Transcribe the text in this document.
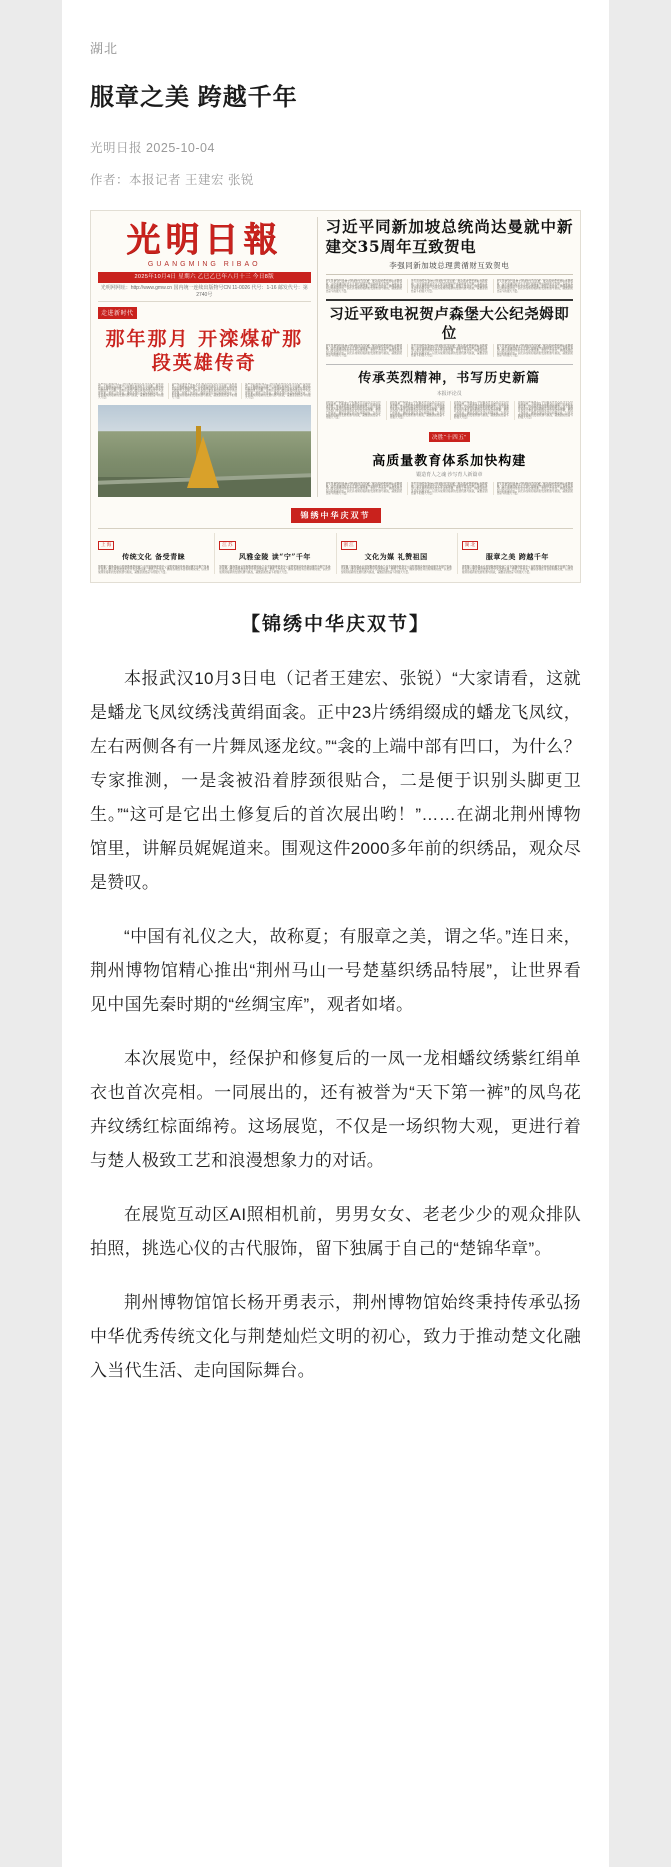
湖北
服章之美 跨越千年
光明日报 2025-10-04
作者：本报记者 王建宏 张锐
光明日報
GUANGMING RIBAO
2025年10月4日 星期六 乙巳乙巳年八月十三 今日8版
光明网网址：http://www.gmw.cn 国内统一连续出版物号CN 11-0026 代号：1-16 邮发代号：第2740号
走进新时代
那年那月 开滦煤矿那段英雄传奇
在新时代新征程上，我们要坚持以人民为中心的发展思想，不断满足人民群众日益增长的美好生活需要，推动高质量发展取得新成效，为全面建设社会主义现代化国家作出新的更大贡献。各地区各部门要认真贯彻落实党中央决策部署，狠抓工作落实，确保各项任务目标如期完成，以优异成绩迎接新的发展机遇与挑战，凝聚起团结奋斗的强大力量。
在新时代新征程上，我们要坚持以人民为中心的发展思想，不断满足人民群众日益增长的美好生活需要，推动高质量发展取得新成效，为全面建设社会主义现代化国家作出新的更大贡献。各地区各部门要认真贯彻落实党中央决策部署，狠抓工作落实，确保各项任务目标如期完成，以优异成绩迎接新的发展机遇与挑战，凝聚起团结奋斗的强大力量。
在新时代新征程上，我们要坚持以人民为中心的发展思想，不断满足人民群众日益增长的美好生活需要，推动高质量发展取得新成效，为全面建设社会主义现代化国家作出新的更大贡献。各地区各部门要认真贯彻落实党中央决策部署，狠抓工作落实，确保各项任务目标如期完成，以优异成绩迎接新的发展机遇与挑战，凝聚起团结奋斗的强大力量。
习近平同新加坡总统尚达曼就中新建交35周年互致贺电
李强同新加坡总理黄循财互致贺电
在新时代新征程上，我们要坚持以人民为中心的发展思想，不断满足人民群众日益增长的美好生活需要，推动高质量发展取得新成效，为全面建设社会主义现代化国家作出新的更大贡献。各地区各部门要认真贯彻落实党中央决策部署，狠抓工作落实，确保各项任务目标如期完成，以优异成绩迎接新的发展机遇与挑战，凝聚起团结奋斗的强大力量。
在新时代新征程上，我们要坚持以人民为中心的发展思想，不断满足人民群众日益增长的美好生活需要，推动高质量发展取得新成效，为全面建设社会主义现代化国家作出新的更大贡献。各地区各部门要认真贯彻落实党中央决策部署，狠抓工作落实，确保各项任务目标如期完成，以优异成绩迎接新的发展机遇与挑战，凝聚起团结奋斗的强大力量。
在新时代新征程上，我们要坚持以人民为中心的发展思想，不断满足人民群众日益增长的美好生活需要，推动高质量发展取得新成效，为全面建设社会主义现代化国家作出新的更大贡献。各地区各部门要认真贯彻落实党中央决策部署，狠抓工作落实，确保各项任务目标如期完成，以优异成绩迎接新的发展机遇与挑战，凝聚起团结奋斗的强大力量。
习近平致电祝贺卢森堡大公纪尧姆即位
在新时代新征程上，我们要坚持以人民为中心的发展思想，不断满足人民群众日益增长的美好生活需要，推动高质量发展取得新成效，为全面建设社会主义现代化国家作出新的更大贡献。各地区各部门要认真贯彻落实党中央决策部署，狠抓工作落实，确保各项任务目标如期完成，以优异成绩迎接新的发展机遇与挑战，凝聚起团结奋斗的强大力量。
在新时代新征程上，我们要坚持以人民为中心的发展思想，不断满足人民群众日益增长的美好生活需要，推动高质量发展取得新成效，为全面建设社会主义现代化国家作出新的更大贡献。各地区各部门要认真贯彻落实党中央决策部署，狠抓工作落实，确保各项任务目标如期完成，以优异成绩迎接新的发展机遇与挑战，凝聚起团结奋斗的强大力量。
在新时代新征程上，我们要坚持以人民为中心的发展思想，不断满足人民群众日益增长的美好生活需要，推动高质量发展取得新成效，为全面建设社会主义现代化国家作出新的更大贡献。各地区各部门要认真贯彻落实党中央决策部署，狠抓工作落实，确保各项任务目标如期完成，以优异成绩迎接新的发展机遇与挑战，凝聚起团结奋斗的强大力量。
传承英烈精神，书写历史新篇
本报评论员
在新时代新征程上，我们要坚持以人民为中心的发展思想，不断满足人民群众日益增长的美好生活需要，推动高质量发展取得新成效，为全面建设社会主义现代化国家作出新的更大贡献。各地区各部门要认真贯彻落实党中央决策部署，狠抓工作落实，确保各项任务目标如期完成，以优异成绩迎接新的发展机遇与挑战，凝聚起团结奋斗的强大力量。
在新时代新征程上，我们要坚持以人民为中心的发展思想，不断满足人民群众日益增长的美好生活需要，推动高质量发展取得新成效，为全面建设社会主义现代化国家作出新的更大贡献。各地区各部门要认真贯彻落实党中央决策部署，狠抓工作落实，确保各项任务目标如期完成，以优异成绩迎接新的发展机遇与挑战，凝聚起团结奋斗的强大力量。
在新时代新征程上，我们要坚持以人民为中心的发展思想，不断满足人民群众日益增长的美好生活需要，推动高质量发展取得新成效，为全面建设社会主义现代化国家作出新的更大贡献。各地区各部门要认真贯彻落实党中央决策部署，狠抓工作落实，确保各项任务目标如期完成，以优异成绩迎接新的发展机遇与挑战，凝聚起团结奋斗的强大力量。
在新时代新征程上，我们要坚持以人民为中心的发展思想，不断满足人民群众日益增长的美好生活需要，推动高质量发展取得新成效，为全面建设社会主义现代化国家作出新的更大贡献。各地区各部门要认真贯彻落实党中央决策部署，狠抓工作落实，确保各项任务目标如期完成，以优异成绩迎接新的发展机遇与挑战，凝聚起团结奋斗的强大力量。
决胜“十四五”
高质量教育体系加快构建
锻造育人之魂 沙写育人新篇章
在新时代新征程上，我们要坚持以人民为中心的发展思想，不断满足人民群众日益增长的美好生活需要，推动高质量发展取得新成效，为全面建设社会主义现代化国家作出新的更大贡献。各地区各部门要认真贯彻落实党中央决策部署，狠抓工作落实，确保各项任务目标如期完成，以优异成绩迎接新的发展机遇与挑战，凝聚起团结奋斗的强大力量。
在新时代新征程上，我们要坚持以人民为中心的发展思想，不断满足人民群众日益增长的美好生活需要，推动高质量发展取得新成效，为全面建设社会主义现代化国家作出新的更大贡献。各地区各部门要认真贯彻落实党中央决策部署，狠抓工作落实，确保各项任务目标如期完成，以优异成绩迎接新的发展机遇与挑战，凝聚起团结奋斗的强大力量。
在新时代新征程上，我们要坚持以人民为中心的发展思想，不断满足人民群众日益增长的美好生活需要，推动高质量发展取得新成效，为全面建设社会主义现代化国家作出新的更大贡献。各地区各部门要认真贯彻落实党中央决策部署，狠抓工作落实，确保各项任务目标如期完成，以优异成绩迎接新的发展机遇与挑战，凝聚起团结奋斗的强大力量。
锦绣中华庆双节
上 海
传统文化 备受青睐
在新时代新征程上，我们要坚持以人民为中心的发展思想，不断满足人民群众日益增长的美好生活需要，推动高质量发展取得新成效，为全面建设社会主义现代化国家作出新的更大贡献。各地区各部门要认真贯彻落实党中央决策部署，狠抓工作落实，确保各项任务目标如期完成，以优异成绩迎接新的发展机遇与挑战，凝聚起团结奋斗的强大力量。
江 苏
风雅金陵 读“宁”千年
在新时代新征程上，我们要坚持以人民为中心的发展思想，不断满足人民群众日益增长的美好生活需要，推动高质量发展取得新成效，为全面建设社会主义现代化国家作出新的更大贡献。各地区各部门要认真贯彻落实党中央决策部署，狠抓工作落实，确保各项任务目标如期完成，以优异成绩迎接新的发展机遇与挑战，凝聚起团结奋斗的强大力量。
浙 江
文化为媒 礼赞祖国
在新时代新征程上，我们要坚持以人民为中心的发展思想，不断满足人民群众日益增长的美好生活需要，推动高质量发展取得新成效，为全面建设社会主义现代化国家作出新的更大贡献。各地区各部门要认真贯彻落实党中央决策部署，狠抓工作落实，确保各项任务目标如期完成，以优异成绩迎接新的发展机遇与挑战，凝聚起团结奋斗的强大力量。
湖 北
服章之美 跨越千年
在新时代新征程上，我们要坚持以人民为中心的发展思想，不断满足人民群众日益增长的美好生活需要，推动高质量发展取得新成效，为全面建设社会主义现代化国家作出新的更大贡献。各地区各部门要认真贯彻落实党中央决策部署，狠抓工作落实，确保各项任务目标如期完成，以优异成绩迎接新的发展机遇与挑战，凝聚起团结奋斗的强大力量。
【锦绣中华庆双节】

本报武汉10月3日电（记者王建宏、张锐）“大家请看，这就是蟠龙飞凤纹绣浅黄绢面衾。正中23片绣绢缀成的蟠龙飞凤纹，左右两侧各有一片舞凤逐龙纹。”“衾的上端中部有凹口，为什么？专家推测，一是衾被沿着脖颈很贴合，二是便于识别头脚更卫生。”“这可是它出土修复后的首次展出哟！”……在湖北荆州博物馆里，讲解员娓娓道来。围观这件2000多年前的织绣品，观众尽是赞叹。

“中国有礼仪之大，故称夏；有服章之美，谓之华。”连日来，荆州博物馆精心推出“荆州马山一号楚墓织绣品特展”，让世界看见中国先秦时期的“丝绸宝库”，观者如堵。

本次展览中，经保护和修复后的一凤一龙相蟠纹绣紫红绢单衣也首次亮相。一同展出的，还有被誉为“天下第一裤”的凤鸟花卉纹绣红棕面绵袴。这场展览，不仅是一场织物大观，更进行着与楚人极致工艺和浪漫想象力的对话。

在展览互动区AI照相机前，男男女女、老老少少的观众排队拍照，挑选心仪的古代服饰，留下独属于自己的“楚锦华章”。

荆州博物馆馆长杨开勇表示，荆州博物馆始终秉持传承弘扬中华优秀传统文化与荆楚灿烂文明的初心，致力于推动楚文化融入当代生活、走向国际舞台。
